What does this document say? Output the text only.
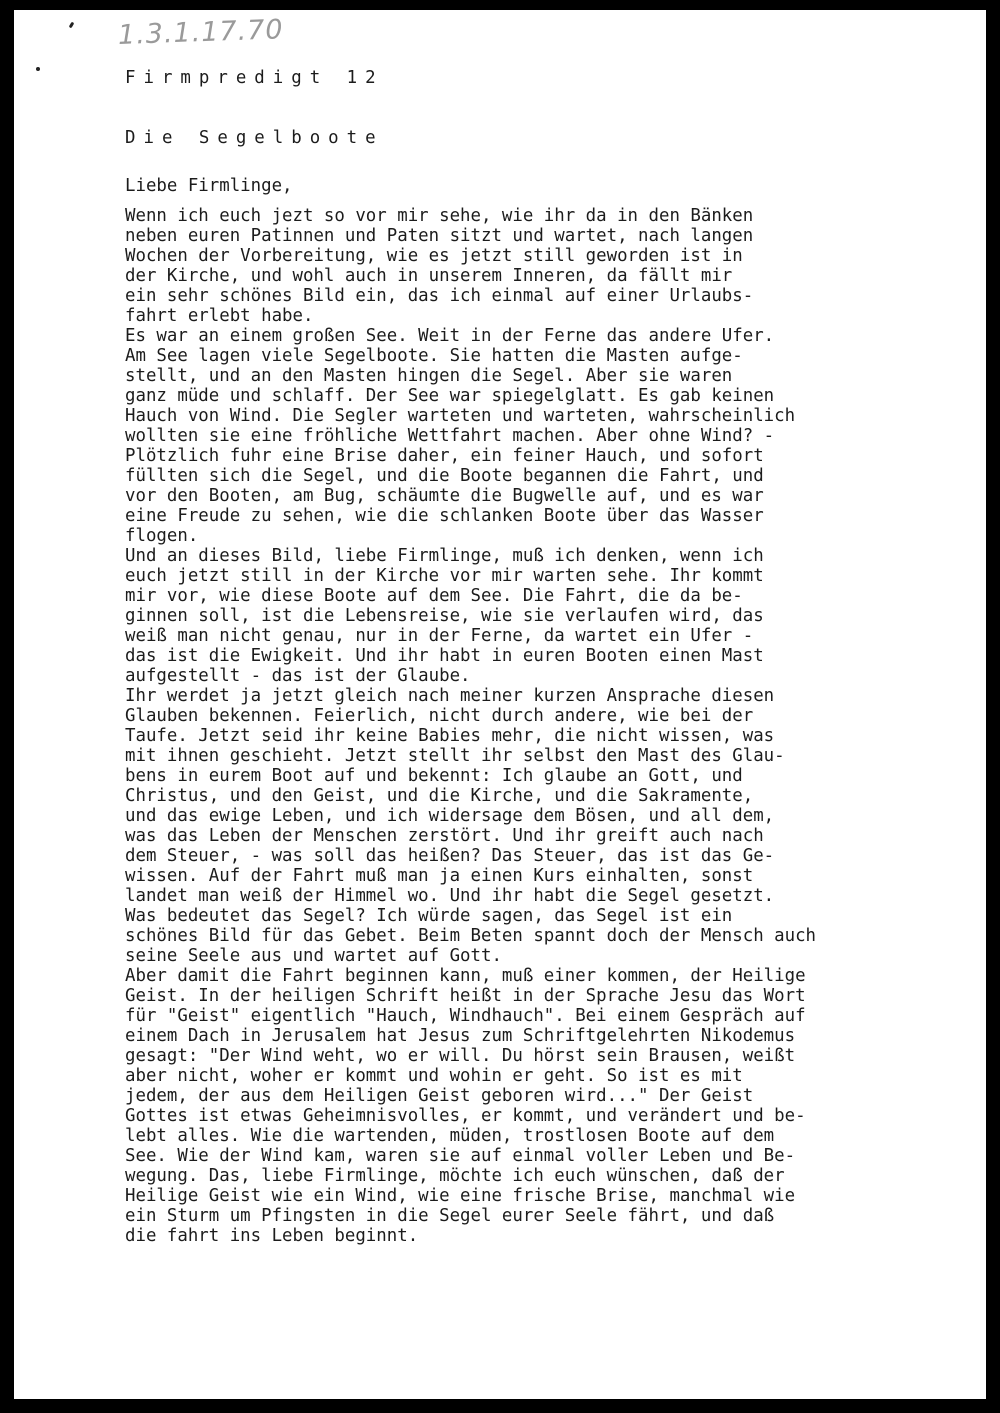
1.3.1.17.70
Firmpredigt 12
Die Segelboote
Liebe Firmlinge,
Wenn ich euch jezt so vor mir sehe, wie ihr da in den Bänken
neben euren Patinnen und Paten sitzt und wartet, nach langen
Wochen der Vorbereitung, wie es jetzt still geworden ist in
der Kirche, und wohl auch in unserem Inneren, da fällt mir
ein sehr schönes Bild ein, das ich einmal auf einer Urlaubs-
fahrt erlebt habe.
Es war an einem großen See. Weit in der Ferne das andere Ufer.
Am See lagen viele Segelboote. Sie hatten die Masten aufge-
stellt, und an den Masten hingen die Segel. Aber sie waren
ganz müde und schlaff. Der See war spiegelglatt. Es gab keinen
Hauch von Wind. Die Segler warteten und warteten, wahrscheinlich
wollten sie eine fröhliche Wettfahrt machen. Aber ohne Wind? -
Plötzlich fuhr eine Brise daher, ein feiner Hauch, und sofort
füllten sich die Segel, und die Boote begannen die Fahrt, und
vor den Booten, am Bug, schäumte die Bugwelle auf, und es war
eine Freude zu sehen, wie die schlanken Boote über das Wasser
flogen.
Und an dieses Bild, liebe Firmlinge, muß ich denken, wenn ich
euch jetzt still in der Kirche vor mir warten sehe. Ihr kommt
mir vor, wie diese Boote auf dem See. Die Fahrt, die da be-
ginnen soll, ist die Lebensreise, wie sie verlaufen wird, das
weiß man nicht genau, nur in der Ferne, da wartet ein Ufer -
das ist die Ewigkeit. Und ihr habt in euren Booten einen Mast
aufgestellt - das ist der Glaube.
Ihr werdet ja jetzt gleich nach meiner kurzen Ansprache diesen
Glauben bekennen. Feierlich, nicht durch andere, wie bei der
Taufe. Jetzt seid ihr keine Babies mehr, die nicht wissen, was
mit ihnen geschieht. Jetzt stellt ihr selbst den Mast des Glau-
bens in eurem Boot auf und bekennt: Ich glaube an Gott, und
Christus, und den Geist, und die Kirche, und die Sakramente,
und das ewige Leben, und ich widersage dem Bösen, und all dem,
was das Leben der Menschen zerstört. Und ihr greift auch nach
dem Steuer, - was soll das heißen? Das Steuer, das ist das Ge-
wissen. Auf der Fahrt muß man ja einen Kurs einhalten, sonst
landet man weiß der Himmel wo. Und ihr habt die Segel gesetzt.
Was bedeutet das Segel? Ich würde sagen, das Segel ist ein
schönes Bild für das Gebet. Beim Beten spannt doch der Mensch auch
seine Seele aus und wartet auf Gott.
Aber damit die Fahrt beginnen kann, muß einer kommen, der Heilige
Geist. In der heiligen Schrift heißt in der Sprache Jesu das Wort
für "Geist" eigentlich "Hauch, Windhauch". Bei einem Gespräch auf
einem Dach in Jerusalem hat Jesus zum Schriftgelehrten Nikodemus
gesagt: "Der Wind weht, wo er will. Du hörst sein Brausen, weißt
aber nicht, woher er kommt und wohin er geht. So ist es mit
jedem, der aus dem Heiligen Geist geboren wird..." Der Geist
Gottes ist etwas Geheimnisvolles, er kommt, und verändert und be-
lebt alles. Wie die wartenden, müden, trostlosen Boote auf dem
See. Wie der Wind kam, waren sie auf einmal voller Leben und Be-
wegung. Das, liebe Firmlinge, möchte ich euch wünschen, daß der
Heilige Geist wie ein Wind, wie eine frische Brise, manchmal wie
ein Sturm um Pfingsten in die Segel eurer Seele fährt, und daß
die fahrt ins Leben beginnt.
